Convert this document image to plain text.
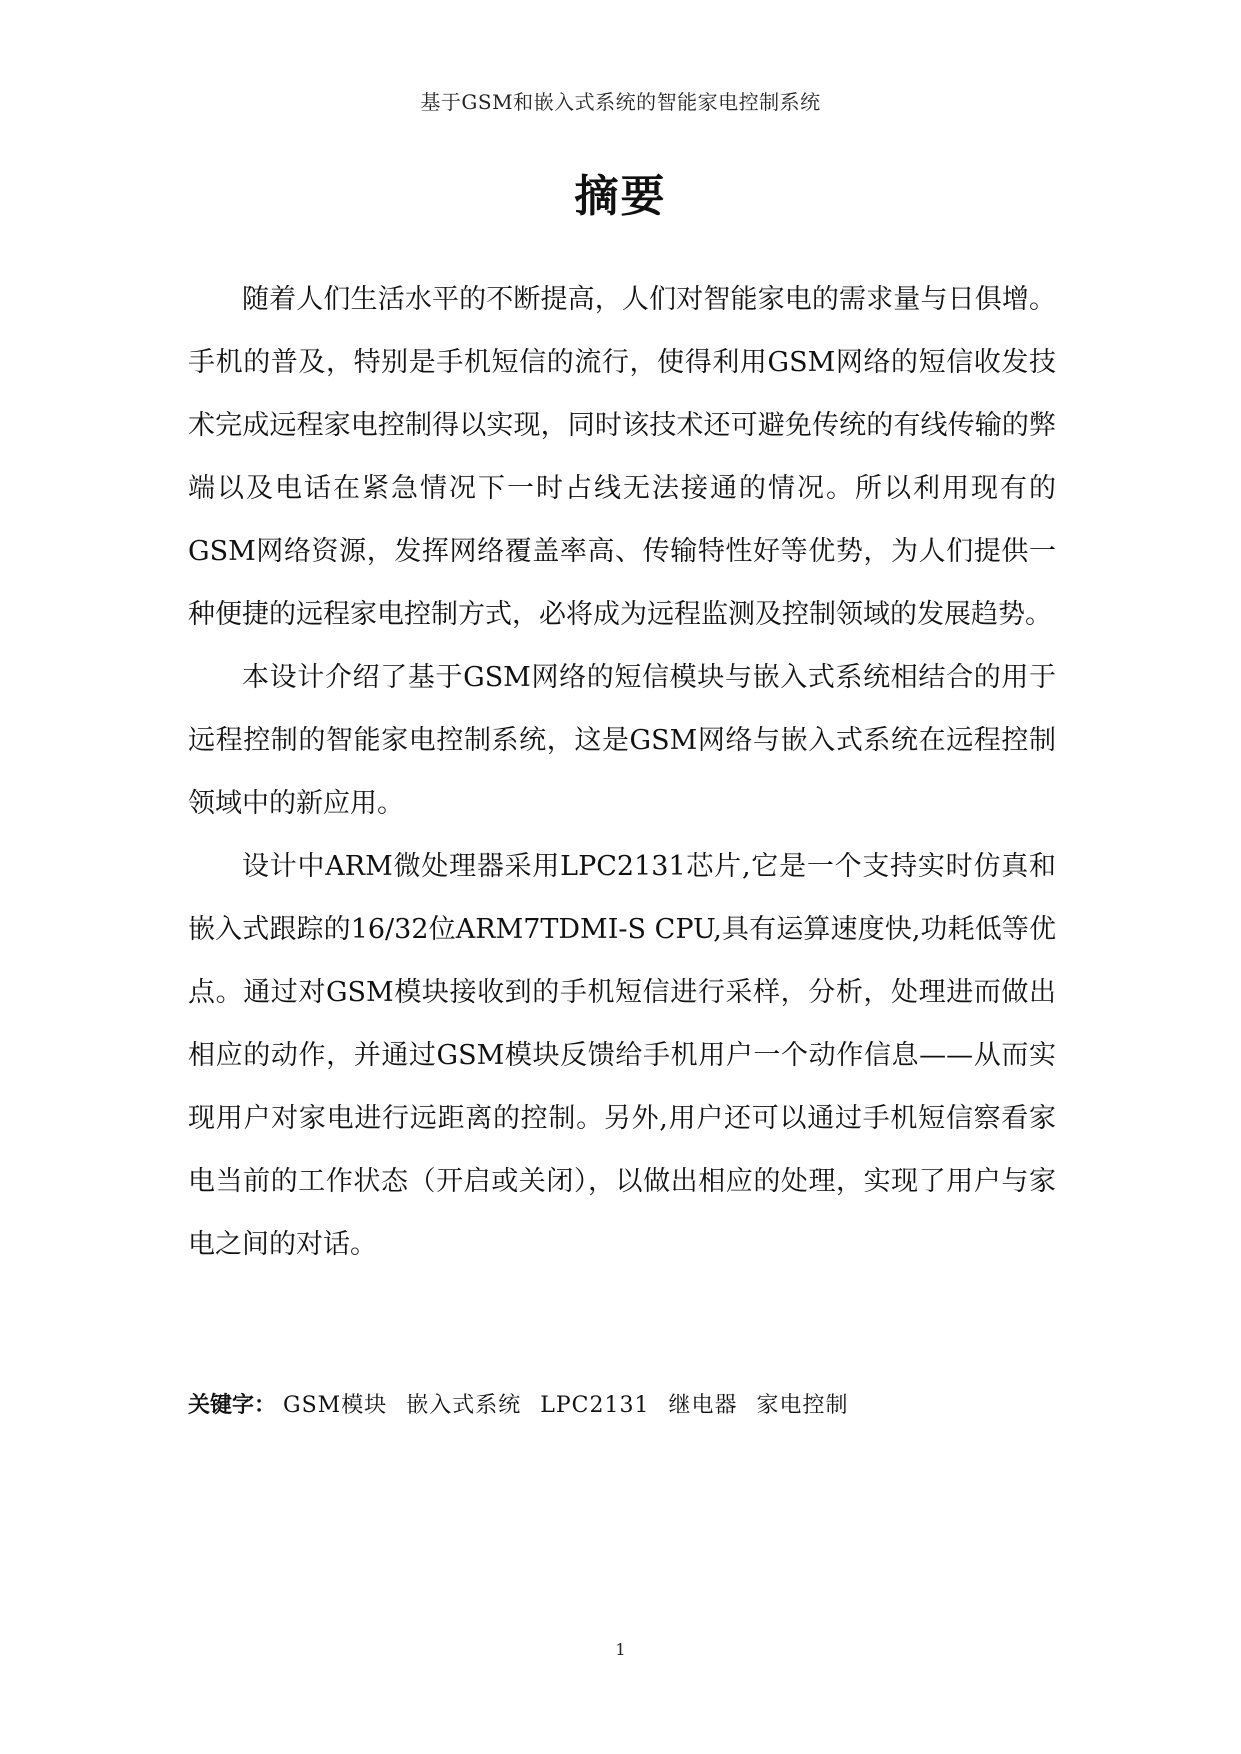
基于GSM和嵌入式系统的智能家电控制系统
摘要

随着人们生活水平的不断提高，人们对智能家电的需求量与日俱增。手机的普及，特别是手机短信的流行，使得利用GSM网络的短信收发技术完成远程家电控制得以实现，同时该技术还可避免传统的有线传输的弊端以及电话在紧急情况下一时占线无法接通的情况。所以利用现有的GSM网络资源，发挥网络覆盖率高、传输特性好等优势，为人们提供一种便捷的远程家电控制方式，必将成为远程监测及控制领域的发展趋势。

本设计介绍了基于GSM网络的短信模块与嵌入式系统相结合的用于远程控制的智能家电控制系统，这是GSM网络与嵌入式系统在远程控制领域中的新应用。

设计中ARM微处理器采用LPC2131芯片,它是一个支持实时仿真和嵌入式跟踪的16/32位ARM7TDMI-S CPU,具有运算速度快,功耗低等优点。通过对GSM模块接收到的手机短信进行采样，分析，处理进而做出相应的动作，并通过GSM模块反馈给手机用户一个动作信息——从而实现用户对家电进行远距离的控制。另外,用户还可以通过手机短信察看家电当前的工作状态（开启或关闭），以做出相应的处理，实现了用户与家电之间的对话。

关键字： GSM模块 嵌入式系统 LPC2131 继电器 家电控制
1
